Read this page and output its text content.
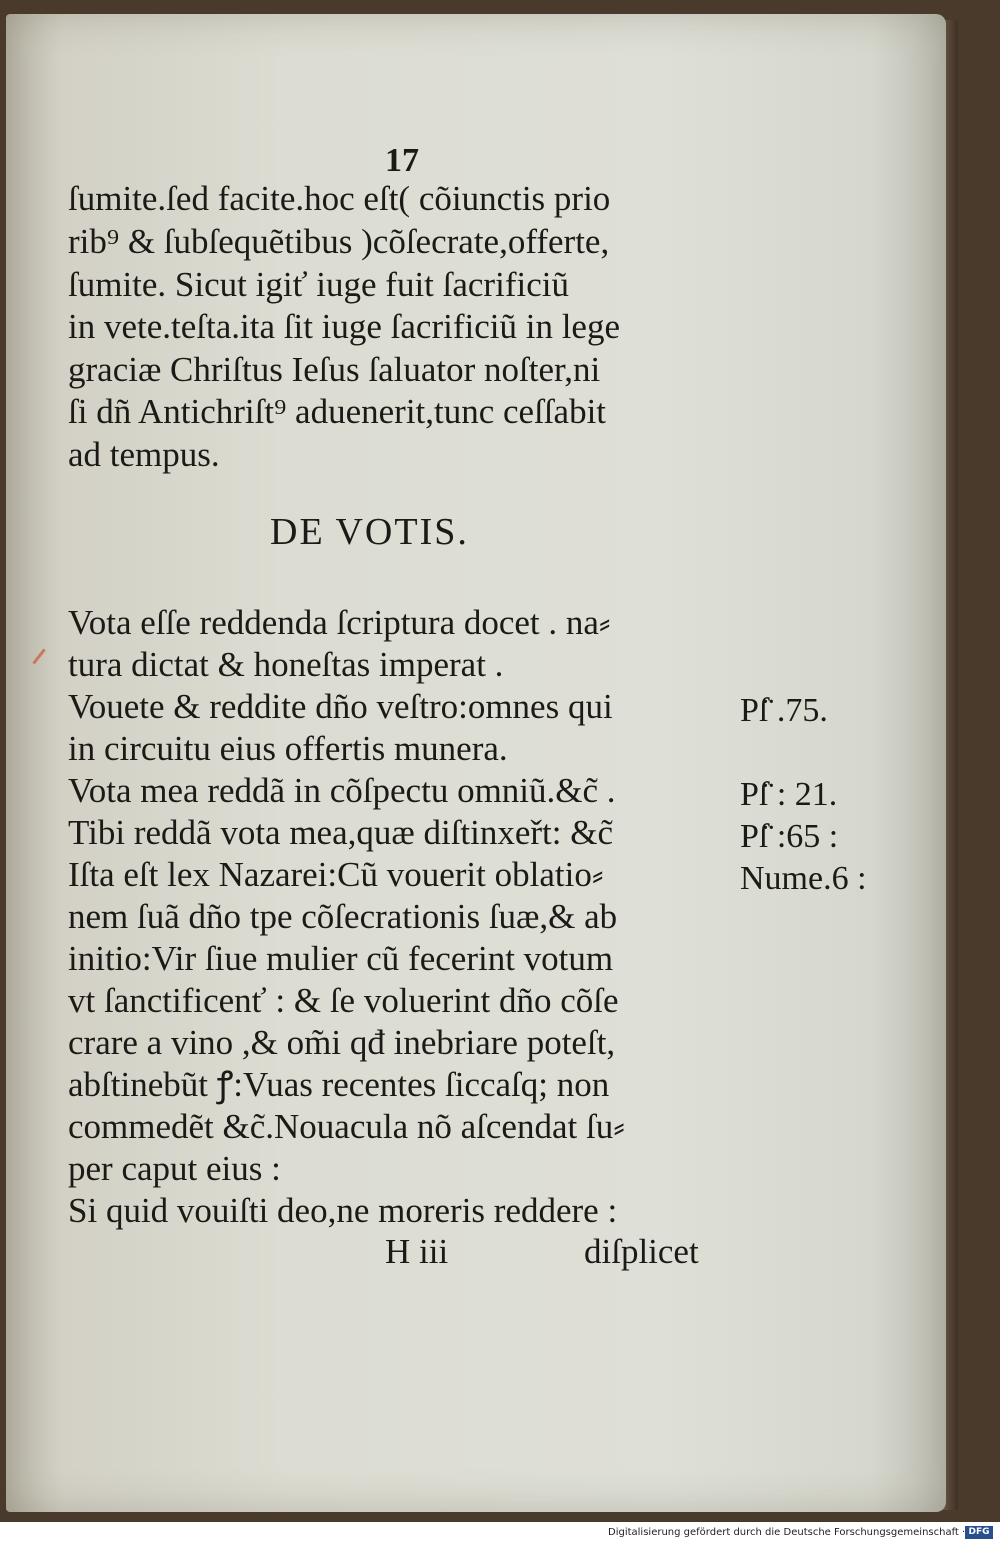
17
ſumite.ſed facite.hoc eſt( cõiunctis prio
rib⁹ & ſubſequẽtibus )cõſecrate,offerte,
ſumite. Sicut igiť iuge fuit ſacrificiũ
in vete.teſta.ita ſit iuge ſacrificiũ in lege
graciæ Chriſtus Ieſus ſaluator noſter,ni
ſi dñ Antichriſt⁹ aduenerit,tunc ceſſabit
ad tempus.
DE VOTIS.
Vota eſſe reddenda ſcriptura docet . na⸗
tura dictat & honeſtas imperat .
Vouete & reddite dño veſtro:omnes qui
in circuitu eius offertis munera.
Vota mea reddã in cõſpectu omniũ.&c̃ .
Tibi reddã vota mea,quæ diſtinxeřt: &c̃
Iſta eſt lex Nazarei:Cũ vouerit oblatio⸗
nem ſuã dño tpe cõſecrationis ſuæ,& ab
initio:Vir ſiue mulier cũ fecerint votum
vt ſanctificenť : & ſe voluerint dño cõſe
crare a vino ,& om̃i qđ inebriare poteſt,
abſtinebũt ꝭ:Vuas recentes ſiccaſq; non
commedẽt &c̃.Nouacula nõ aſcendat ſu⸗
per caput eius :
Si quid vouiſti deo,ne moreris reddere :
Pſ̈ .75.
Pſ̈ : 21.
Pſ̈ :65 :
Nume.6 :
H iii	diſplicet
Digitalisierung gefördert durch die Deutsche Forschungsgemeinschaft · DFG
